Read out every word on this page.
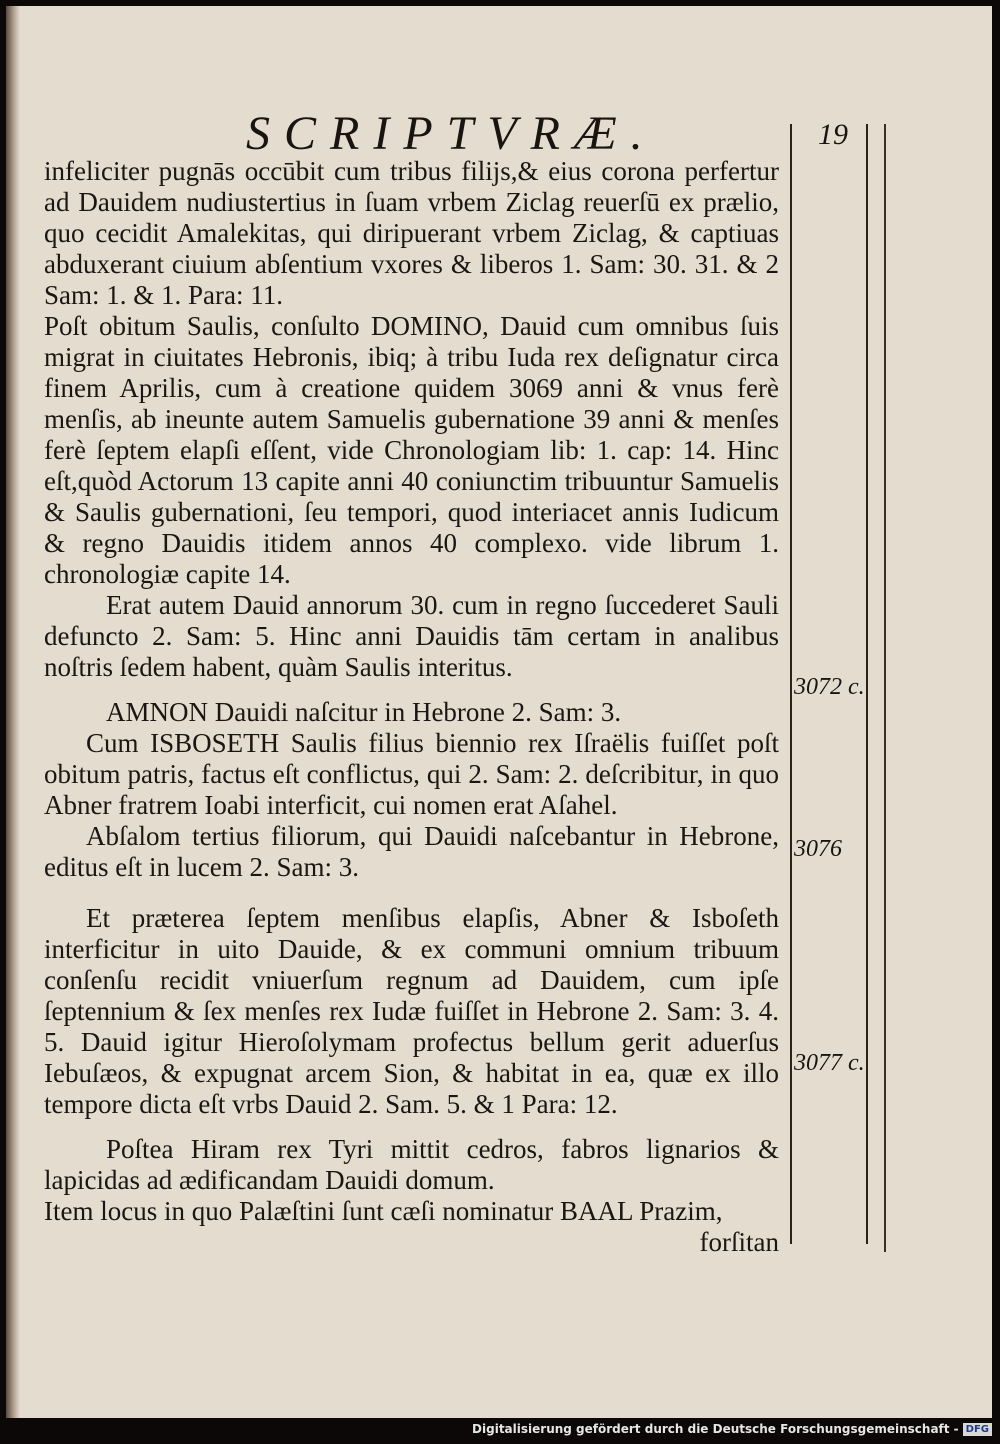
SCRIPTVRÆ.	19

infeliciter pugnās occūbit cum tribus filijs,& eius corona perfertur ad Dauidem nudiustertius in ſuam vrbem Ziclag reuerſū ex prælio, quo cecidit Amalekitas, qui diripuerant vrbem Ziclag, & captiuas abduxerant ciuium abſentium vxores & liberos 1. Sam: 30. 31. & 2 Sam: 1. & 1. Para: 11.

Poſt obitum Saulis, conſulto DOMINO, Dauid cum omnibus ſuis migrat in ciuitates Hebronis, ibiq; à tribu Iuda rex deſignatur circa finem Aprilis, cum à creatione quidem 3069 anni & vnus ferè menſis, ab ineunte autem Samuelis gubernatione 39 anni & menſes ferè ſeptem elapſi eſſent, vide Chronologiam lib: 1. cap: 14. Hinc eſt,quòd Actorum 13 capite anni 40 coniunctim tribuuntur Samuelis & Saulis gubernationi, ſeu tempori, quod interiacet annis Iudicum & regno Dauidis itidem annos 40 complexo. vide librum 1. chronologiæ capite 14.

Erat autem Dauid annorum 30. cum in regno ſuccederet Sauli defuncto 2. Sam: 5. Hinc anni Dauidis tām certam in analibus noſtris ſedem habent, quàm Saulis interitus.

AMNON Dauidi naſcitur in Hebrone 2. Sam: 3.

Cum ISBOSETH Saulis filius biennio rex Iſraëlis fuiſſet poſt obitum patris, factus eſt conflictus, qui 2. Sam: 2. deſcribitur, in quo Abner fratrem Ioabi interficit, cui nomen erat Aſahel.

Abſalom tertius filiorum, qui Dauidi naſcebantur in Hebrone, editus eſt in lucem 2. Sam: 3.

Et præterea ſeptem menſibus elapſis, Abner & Isboſeth interficitur in uito Dauide, & ex communi omnium tribuum conſenſu recidit vniuerſum regnum ad Dauidem, cum ipſe ſeptennium & ſex menſes rex Iudæ fuiſſet in Hebrone 2. Sam: 3. 4. 5. Dauid igitur Hieroſolymam profectus bellum gerit aduerſus Iebuſæos, & expugnat arcem Sion, & habitat in ea, quæ ex illo tempore dicta eſt vrbs Dauid 2. Sam. 5. & 1 Para: 12.

Poſtea Hiram rex Tyri mittit cedros, fabros lignarios & lapicidas ad ædificandam Dauidi domum.

Item locus in quo Palæſtini ſunt cæſi nominatur BAAL Prazim,

forſitan

3072 c.
3076
3077 c.
Digitalisierung gefördert durch die Deutsche Forschungsgemeinschaft - DFG
